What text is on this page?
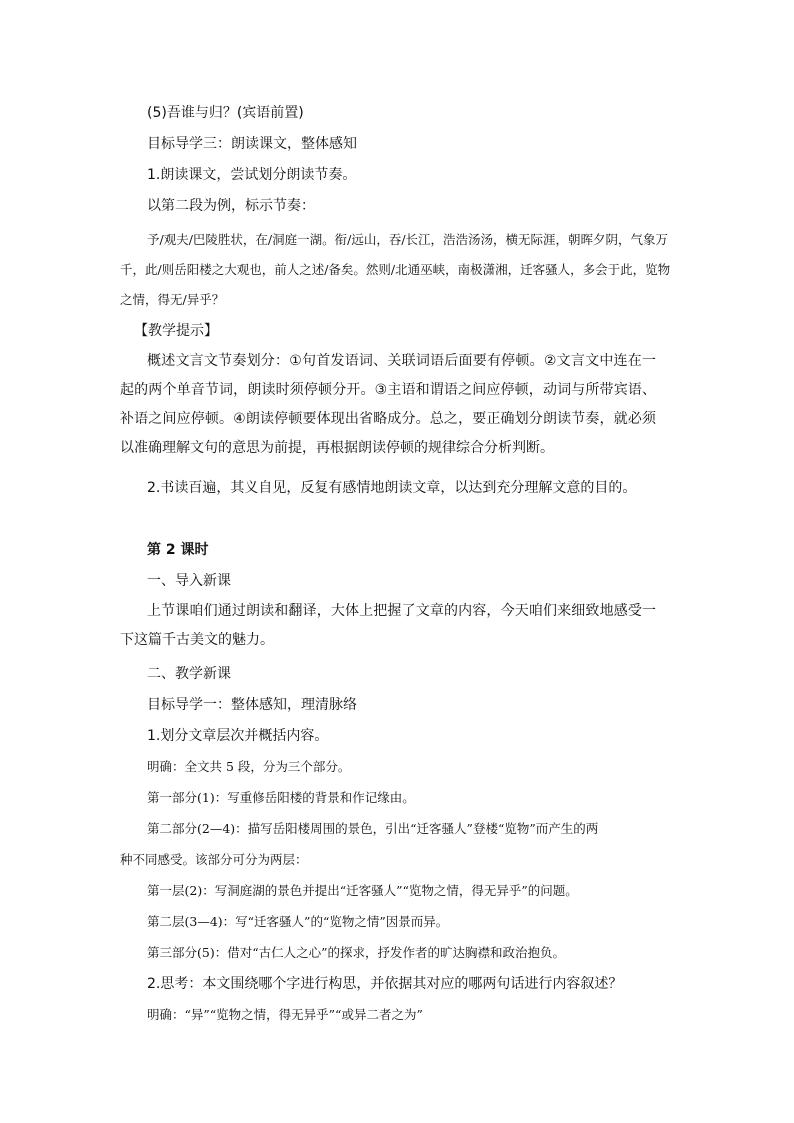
(5)吾谁与归？(宾语前置)
目标导学三：朗读课文，整体感知
1.朗读课文，尝试划分朗读节奏。
以第二段为例，标示节奏：
予/观夫/巴陵胜状，在/洞庭一湖。衔/远山，吞/长江，浩浩汤汤，横无际涯，朝晖夕阴，气象万千，此/则岳阳楼之大观也，前人之述/备矣。然则/北通巫峡，南极潇湘，迁客骚人，多会于此，览物之情，得无/异乎？
【教学提示】
概述文言文节奏划分：①句首发语词、关联词语后面要有停顿。②文言文中连在一起的两个单音节词，朗读时须停顿分开。③主语和谓语之间应停顿，动词与所带宾语、补语之间应停顿。④朗读停顿要体现出省略成分。总之，要正确划分朗读节奏，就必须以准确理解文句的意思为前提，再根据朗读停顿的规律综合分析判断。
2.书读百遍，其义自见，反复有感情地朗读文章，以达到充分理解文意的目的。
第 2 课时
一、导入新课
上节课咱们通过朗读和翻译，大体上把握了文章的内容，今天咱们来细致地感受一下这篇千古美文的魅力。
二、教学新课
目标导学一：整体感知，理清脉络
1.划分文章层次并概括内容。
明确：全文共 5 段，分为三个部分。
第一部分(1)：写重修岳阳楼的背景和作记缘由。
第二部分(2—4)：描写岳阳楼周围的景色，引出“迁客骚人”登楼“览物”而产生的两
种不同感受。该部分可分为两层：
第一层(2)：写洞庭湖的景色并提出“迁客骚人”“览物之情，得无异乎”的问题。
第二层(3—4)：写“迁客骚人”的“览物之情”因景而异。
第三部分(5)：借对“古仁人之心”的探求，抒发作者的旷达胸襟和政治抱负。
2.思考：本文围绕哪个字进行构思，并依据其对应的哪两句话进行内容叙述？
明确：“异”“览物之情，得无异乎”“或异二者之为”
